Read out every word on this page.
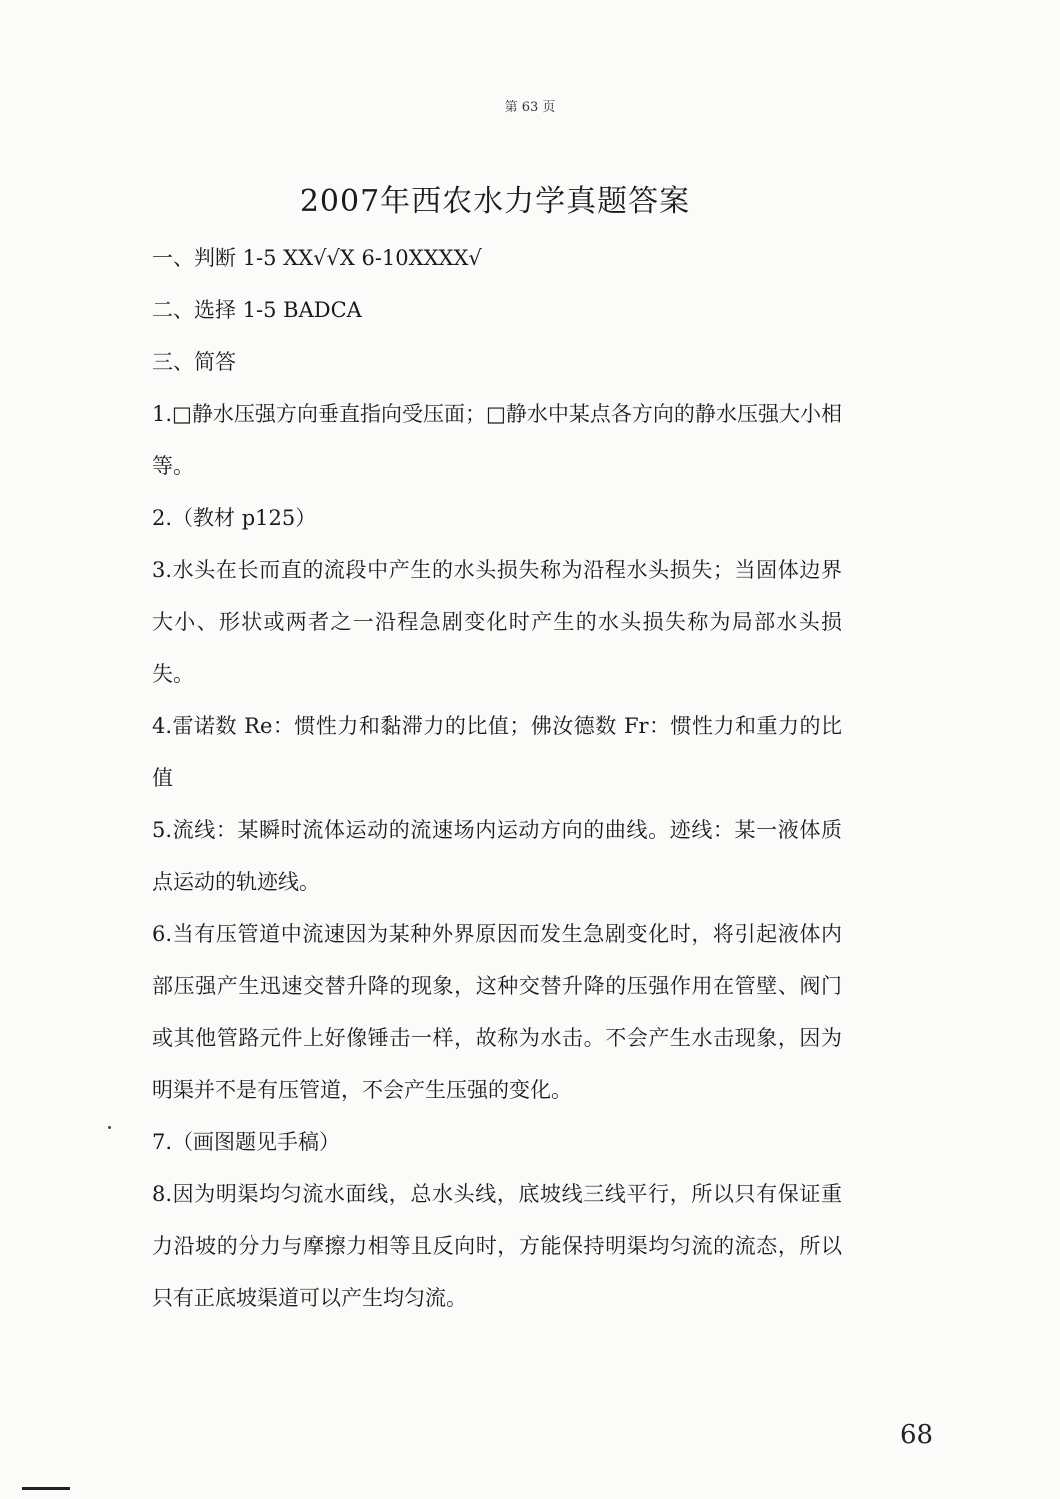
第 63 页
2007年西农水力学真题答案
一、判断 1-5 XX√√X 6-10XXXX√
二、选择 1-5 BADCA
三、简答
1.□静水压强方向垂直指向受压面；□静水中某点各方向的静水压强大小相等。
2.（教材 p125）
3.水头在长而直的流段中产生的水头损失称为沿程水头损失；当固体边界大小、形状或两者之一沿程急剧变化时产生的水头损失称为局部水头损失。
4.雷诺数 Re：惯性力和黏滞力的比值；佛汝德数 Fr：惯性力和重力的比值
5.流线：某瞬时流体运动的流速场内运动方向的曲线。迹线：某一液体质点运动的轨迹线。
6.当有压管道中流速因为某种外界原因而发生急剧变化时，将引起液体内部压强产生迅速交替升降的现象，这种交替升降的压强作用在管壁、阀门或其他管路元件上好像锤击一样，故称为水击。不会产生水击现象，因为明渠并不是有压管道，不会产生压强的变化。
7.（画图题见手稿）
8.因为明渠均匀流水面线，总水头线，底坡线三线平行，所以只有保证重力沿坡的分力与摩擦力相等且反向时，方能保持明渠均匀流的流态，所以只有正底坡渠道可以产生均匀流。
68
